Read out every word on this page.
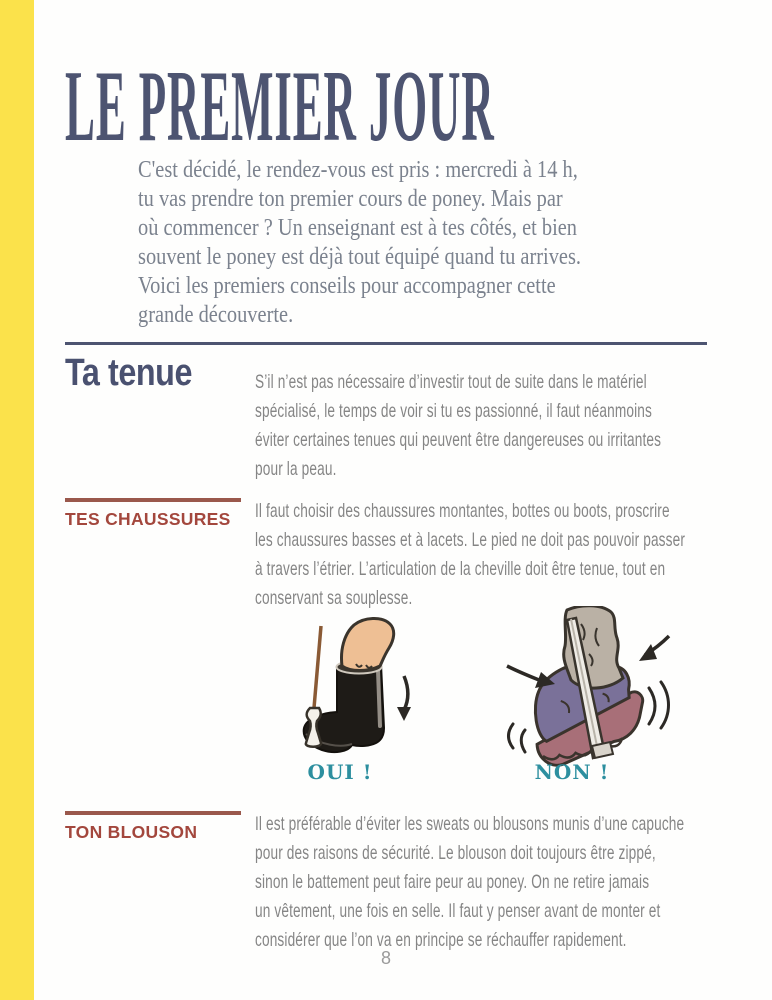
LE PREMIER JOUR
C'est décidé, le rendez-vous est pris : mercredi à 14 h,
tu vas prendre ton premier cours de poney. Mais par
où commencer ? Un enseignant est à tes côtés, et bien
souvent le poney est déjà tout équipé quand tu arrives.
Voici les premiers conseils pour accompagner cette
grande découverte.
Ta tenue	S’il n’est pas nécessaire d’investir tout de suite dans le matériel
spécialisé, le temps de voir si tu es passionné, il faut néanmoins
éviter certaines tenues qui peuvent être dangereuses ou irritantes
pour la peau.
TES CHAUSSURES	Il faut choisir des chaussures montantes, bottes ou boots, proscrire
les chaussures basses et à lacets. Le pied ne doit pas pouvoir passer
à travers l’étrier. L’articulation de la cheville doit être tenue, tout en
conservant sa souplesse.
OUI !	NON !
TON BLOUSON	Il est préférable d’éviter les sweats ou blousons munis d’une capuche
pour des raisons de sécurité. Le blouson doit toujours être zippé,
sinon le battement peut faire peur au poney. On ne retire jamais
un vêtement, une fois en selle. Il faut y penser avant de monter et
considérer que l’on va en principe se réchauffer rapidement.
8
